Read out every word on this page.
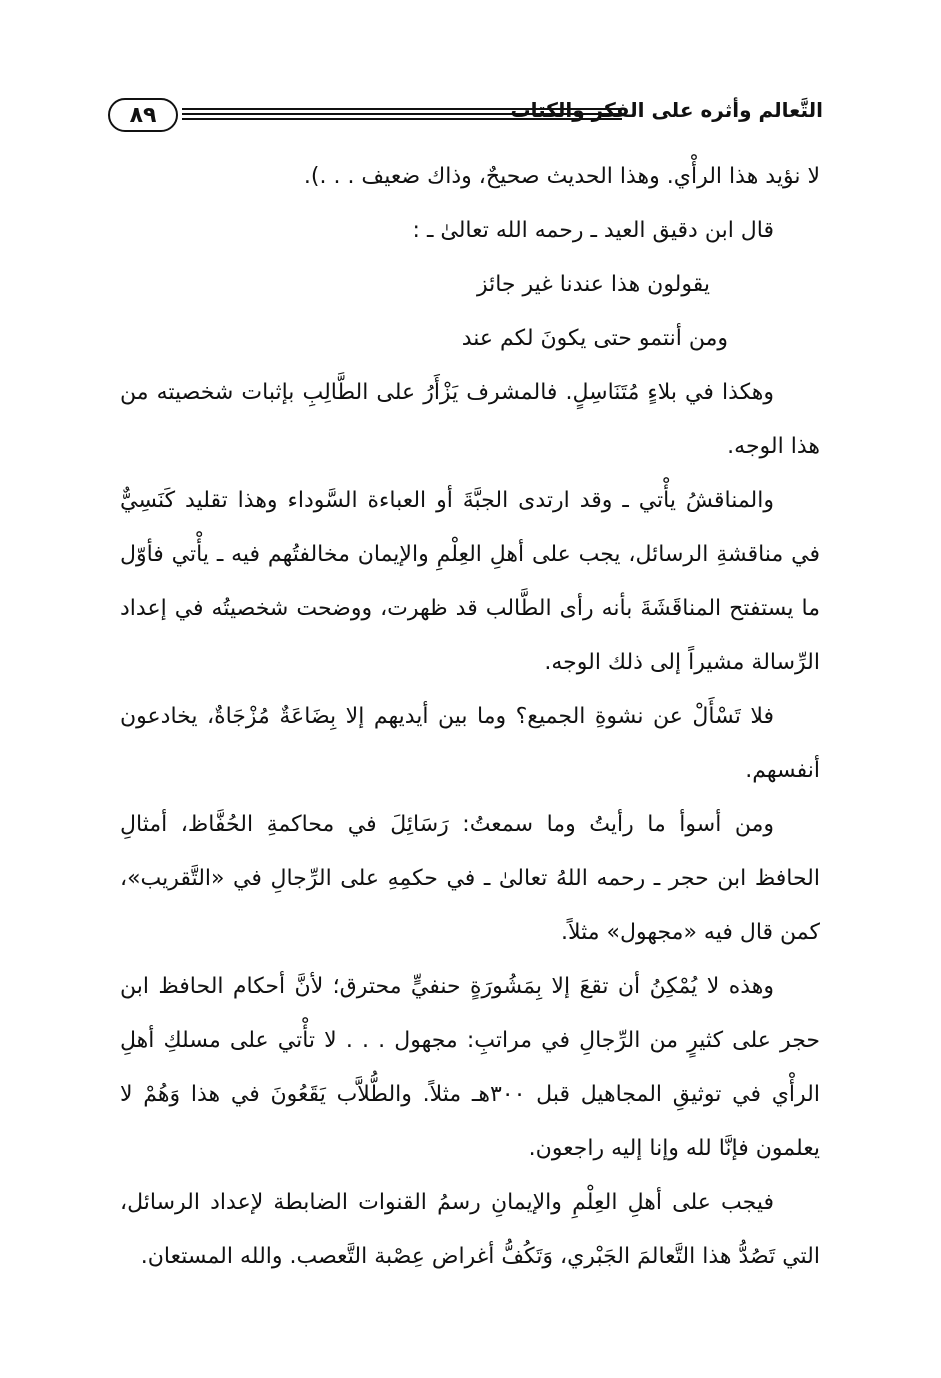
٨٩	التَّعالم وأثره على الفكر والكتاب

لا نؤيد هذا الرأْي. وهذا الحديث صحيحٌ، وذاك ضعيف . . .).

قال ابن دقيق العيد ـ رحمه الله تعالىٰ ـ :

يقولون هذا عندنا غير جائز

ومن أنتمو حتى يكونَ لكم عند

وهكذا في بلاءٍ مُتَنَاسِلٍ. فالمشرف يَزْأَرُ على الطَّالِبِ بإثبات شخصيته من هذا الوجه.

والمناقشُ يأْتي ـ وقد ارتدى الجبَّةَ أو العباءة السَّوداء وهذا تقليد كَنَسِيٌّ في مناقشةِ الرسائل، يجب على أهلِ العِلْمِ والإيمان مخالفتُهم فيه ـ يأْتي فأوّل ما يستفتح المناقَشَةَ بأنه رأى الطَّالب قد ظهرت، ووضحت شخصيتُه في إعداد الرِّسالة مشيراً إلى ذلك الوجه.

فلا تَسْأَلْ عن نشوةِ الجميع؟ وما بين أيديهم إلا بِضَاعَةٌ مُزْجَاةٌ، يخادعون أنفسهم.

ومن أسوأ ما رأيتُ وما سمعتُ: رَسَائِلَ في محاكمةِ الحُفَّاظ، أمثالِ الحافظ ابن حجر ـ رحمه اللهُ تعالىٰ ـ في حكمِهِ على الرِّجالِ في «التَّقريب»، كمن قال فيه «مجهول» مثلاً.

وهذه لا يُمْكِنُ أن تقعَ إلا بِمَشُورَةٍ حنفيٍّ محترق؛ لأنَّ أحكام الحافظ ابن حجر على كثيرٍ من الرِّجالِ في مراتبِ: مجهول . . . لا تأْتي على مسلكِ أهلِ الرأْي في توثيقِ المجاهيل قبل ٣٠٠هـ مثلاً. والطُّلاَّب يَقَعُونَ في هذا وَهُمْ لا يعلمون فإنَّا لله وإنا إليه راجعون.

فيجب على أهلِ العِلْمِ والإيمانِ رسمُ القنوات الضابطة لإعداد الرسائل، التي تَصُدُّ هذا التَّعالمَ الجَبْري، وَتَكُفُّ أغراض عِصْبة التَّعصب. والله المستعان.
